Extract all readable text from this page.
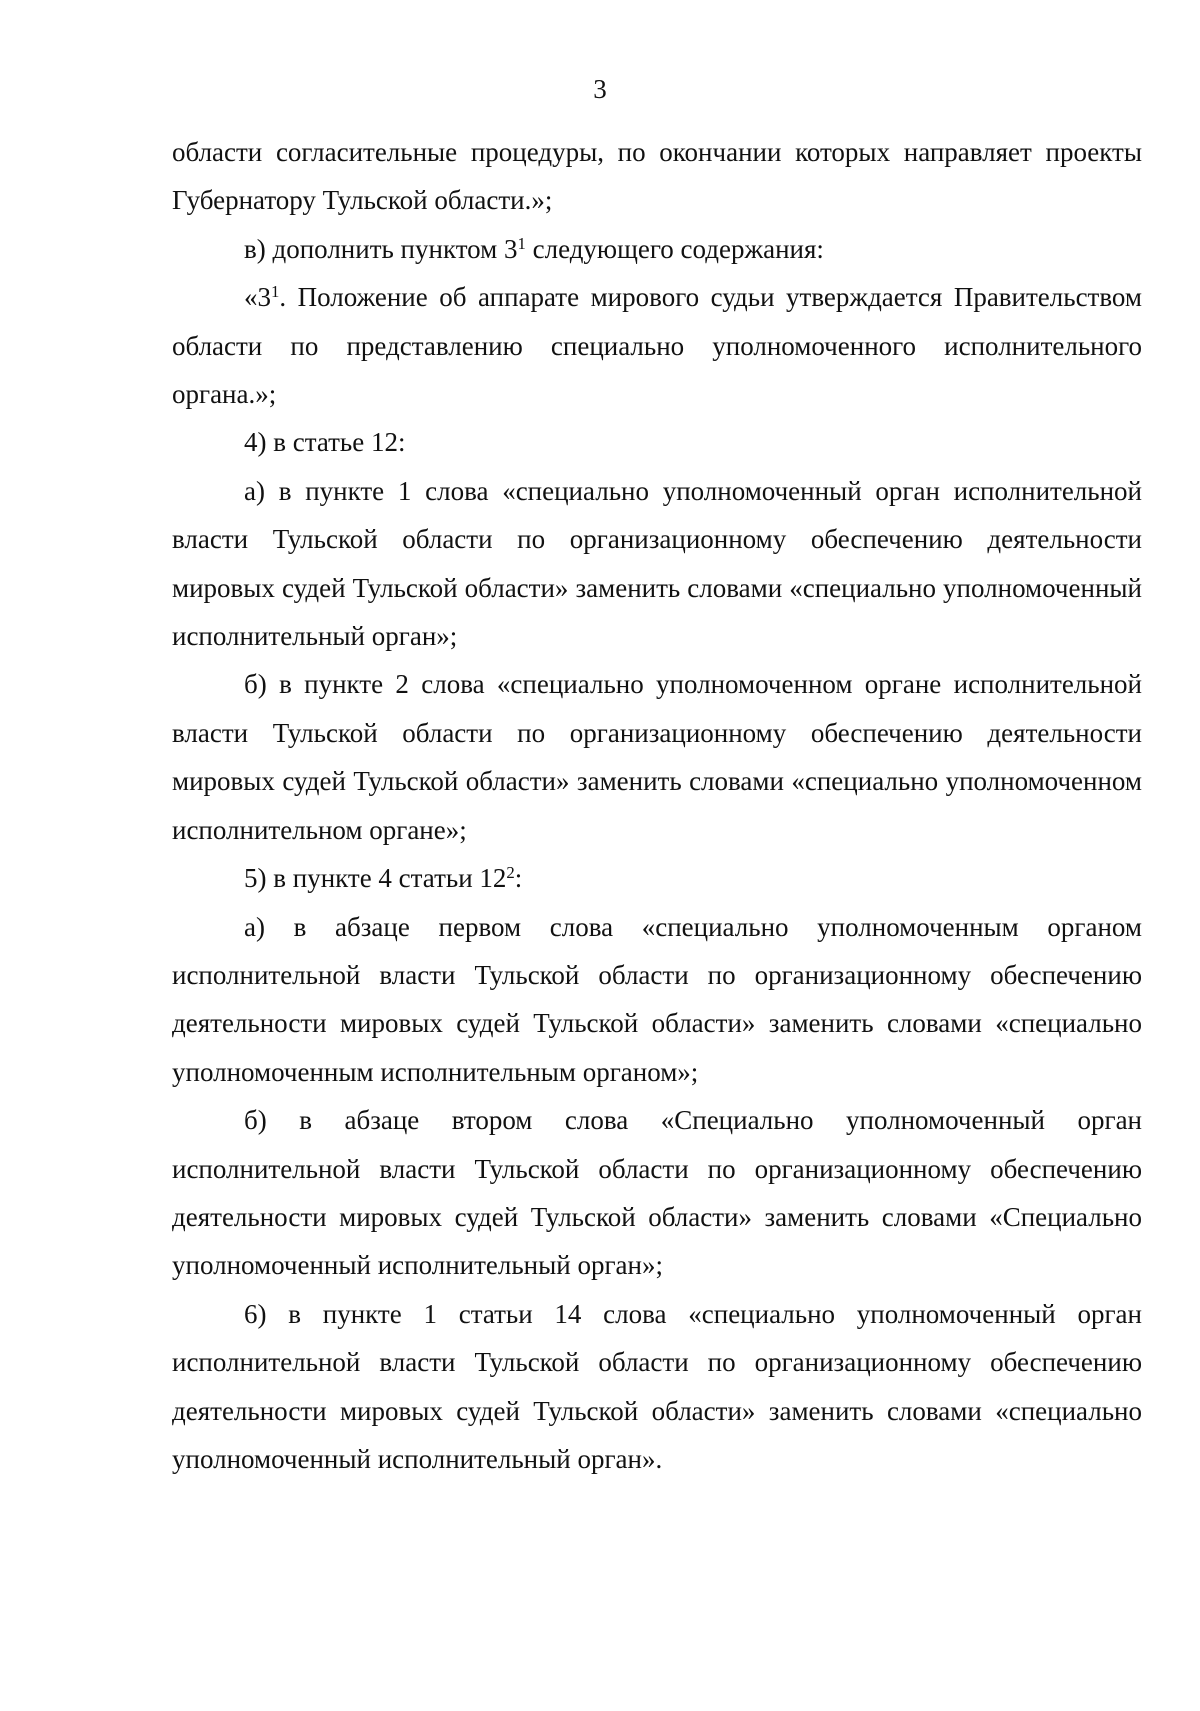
3

области согласительные процедуры, по окончании которых направляет проекты Губернатору Тульской области.»;

в) дополнить пунктом $3^1$ следующего содержания:

«$3^1$. Положение об аппарате мирового судьи утверждается Правительством области по представлению специально уполномоченного исполнительного органа.»;

4) в статье 12:

а) в пункте 1 слова «специально уполномоченный орган исполнительной власти Тульской области по организационному обеспечению деятельности мировых судей Тульской области» заменить словами «специально уполномоченный исполнительный орган»;

б) в пункте 2 слова «специально уполномоченном органе исполнительной власти Тульской области по организационному обеспечению деятельности мировых судей Тульской области» заменить словами «специально уполномоченном исполнительном органе»;

5) в пункте 4 статьи $12^2$:

а) в абзаце первом слова «специально уполномоченным органом исполнительной власти Тульской области по организационному обеспечению деятельности мировых судей Тульской области» заменить словами «специально уполномоченным исполнительным органом»;

б) в абзаце втором слова «Специально уполномоченный орган исполнительной власти Тульской области по организационному обеспечению деятельности мировых судей Тульской области» заменить словами «Специально уполномоченный исполнительный орган»;

6) в пункте 1 статьи 14 слова «специально уполномоченный орган исполнительной власти Тульской области по организационному обеспечению деятельности мировых судей Тульской области» заменить словами «специально уполномоченный исполнительный орган».
